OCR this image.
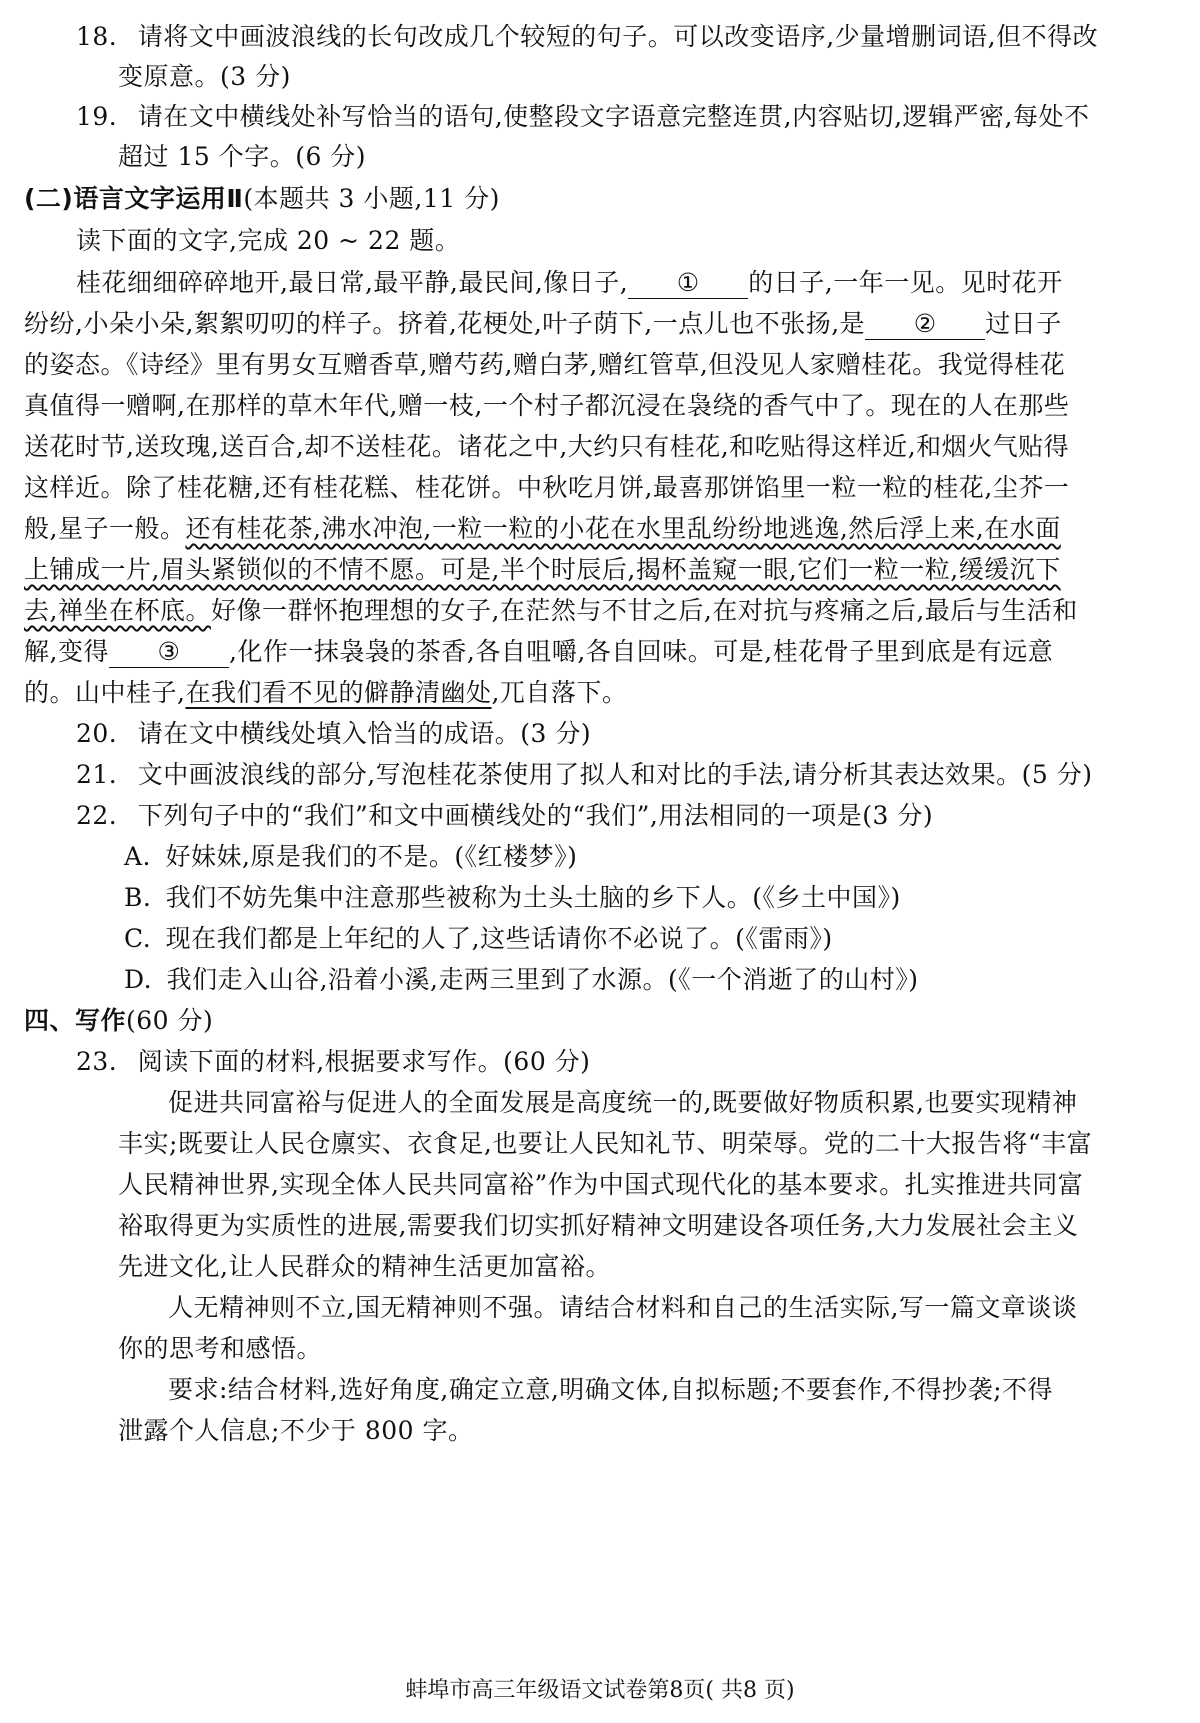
18. 请将文中画波浪线的长句改成几个较短的句子。可以改变语序,少量增删词语,但不得改
变原意。(3 分)
19. 请在文中横线处补写恰当的语句,使整段文字语意完整连贯,内容贴切,逻辑严密,每处不
超过 15 个字。(6 分)
(二)语言文字运用Ⅱ(本题共 3 小题,11 分)
读下面的文字,完成 20 ~ 22 题。
桂花细细碎碎地开,最日常,最平静,最民间,像日子, ① 的日子,一年一见。见时花开
纷纷,小朵小朵,絮絮叨叨的样子。挤着,花梗处,叶子荫下,一点儿也不张扬,是 ② 过日子
的姿态。《诗经》里有男女互赠香草,赠芍药,赠白茅,赠红管草,但没见人家赠桂花。我觉得桂花
真值得一赠啊,在那样的草木年代,赠一枝,一个村子都沉浸在袅绕的香气中了。现在的人在那些
送花时节,送玫瑰,送百合,却不送桂花。诸花之中,大约只有桂花,和吃贴得这样近,和烟火气贴得
这样近。除了桂花糖,还有桂花糕、桂花饼。中秋吃月饼,最喜那饼馅里一粒一粒的桂花,尘芥一
般,星子一般。还有桂花茶,沸水冲泡,一粒一粒的小花在水里乱纷纷地逃逸,然后浮上来,在水面
上铺成一片,眉头紧锁似的不情不愿。可是,半个时辰后,揭杯盖窥一眼,它们一粒一粒,缓缓沉下
去,禅坐在杯底。好像一群怀抱理想的女子,在茫然与不甘之后,在对抗与疼痛之后,最后与生活和
解,变得 ③ ,化作一抹袅袅的茶香,各自咀嚼,各自回味。可是,桂花骨子里到底是有远意
的。山中桂子,在我们看不见的僻静清幽处,兀自落下。
20. 请在文中横线处填入恰当的成语。(3 分)
21. 文中画波浪线的部分,写泡桂花茶使用了拟人和对比的手法,请分析其表达效果。(5 分)
22. 下列句子中的“我们”和文中画横线处的“我们”,用法相同的一项是(3 分)
A. 好妹妹,原是我们的不是。(《红楼梦》)
B. 我们不妨先集中注意那些被称为土头土脑的乡下人。(《乡土中国》)
C. 现在我们都是上年纪的人了,这些话请你不必说了。(《雷雨》)
D. 我们走入山谷,沿着小溪,走两三里到了水源。(《一个消逝了的山村》)
四、写作(60 分)
23. 阅读下面的材料,根据要求写作。(60 分)
促进共同富裕与促进人的全面发展是高度统一的,既要做好物质积累,也要实现精神
丰实;既要让人民仓廪实、衣食足,也要让人民知礼节、明荣辱。党的二十大报告将“丰富
人民精神世界,实现全体人民共同富裕”作为中国式现代化的基本要求。扎实推进共同富
裕取得更为实质性的进展,需要我们切实抓好精神文明建设各项任务,大力发展社会主义
先进文化,让人民群众的精神生活更加富裕。
人无精神则不立,国无精神则不强。请结合材料和自己的生活实际,写一篇文章谈谈
你的思考和感悟。
要求:结合材料,选好角度,确定立意,明确文体,自拟标题;不要套作,不得抄袭;不得
泄露个人信息;不少于 800 字。
蚌埠市高三年级语文试卷第8页( 共8 页)
